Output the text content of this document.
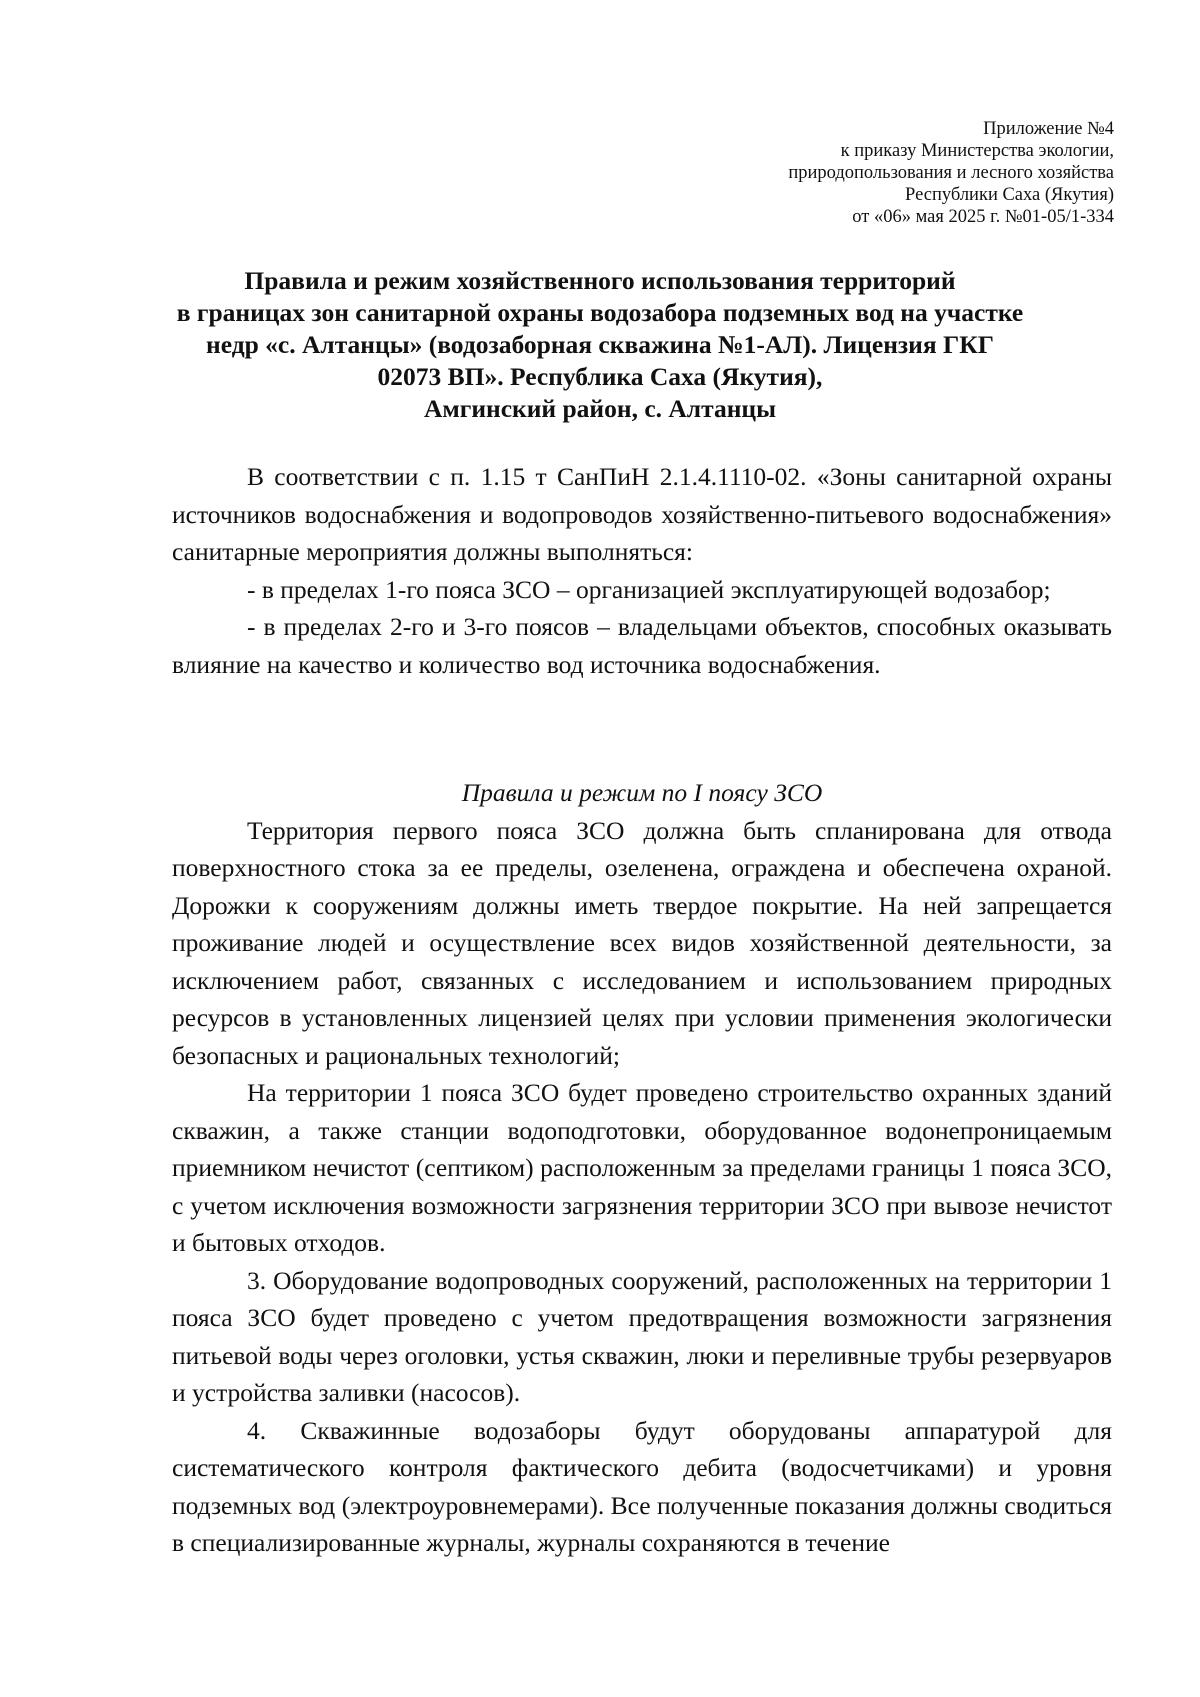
Приложение №4
к приказу Министерства экологии,
природопользования и лесного хозяйства
Республики Саха (Якутия)
от «06» мая 2025 г. №01-05/1-334
Правила и режим хозяйственного использования территорий
в границах зон санитарной охраны водозабора подземных вод на участке
недр «с. Алтанцы» (водозаборная скважина №1-АЛ). Лицензия ГКГ
02073 ВП». Республика Саха (Якутия),
Амгинский район, с. Алтанцы

В соответствии с п. 1.15 т СанПиН 2.1.4.1110-02. «Зоны санитарной охраны источников водоснабжения и водопроводов хозяйственно-питьевого водоснабжения» санитарные мероприятия должны выполняться:

- в пределах 1-го пояса ЗСО – организацией эксплуатирующей водозабор;

- в пределах 2-го и 3-го поясов – владельцами объектов, способных оказывать влияние на качество и количество вод источника водоснабжения.

Правила и режим по I поясу ЗСО

Территория первого пояса ЗСО должна быть спланирована для отвода поверхностного стока за ее пределы, озеленена, ограждена и обеспечена охраной. Дорожки к сооружениям должны иметь твердое покрытие. На ней запрещается проживание людей и осуществление всех видов хозяйственной деятельности, за исключением работ, связанных с исследованием и использованием природных ресурсов в установленных лицензией целях при условии применения экологически безопасных и рациональных технологий;

На территории 1 пояса ЗСО будет проведено строительство охранных зданий скважин, а также станции водоподготовки, оборудованное водонепроницаемым приемником нечистот (септиком) расположенным за пределами границы 1 пояса ЗСО, с учетом исключения возможности загрязнения территории ЗСО при вывозе нечистот и бытовых отходов.

3. Оборудование водопроводных сооружений, расположенных на территории 1 пояса ЗСО будет проведено с учетом предотвращения возможности загрязнения питьевой воды через оголовки, устья скважин, люки и переливные трубы резервуаров и устройства заливки (насосов).

4. Скважинные водозаборы будут оборудованы аппаратурой для систематического контроля фактического дебита (водосчетчиками) и уровня подземных вод (электроуровнемерами). Все полученные показания должны сводиться в специализированные журналы, журналы сохраняются в течение
